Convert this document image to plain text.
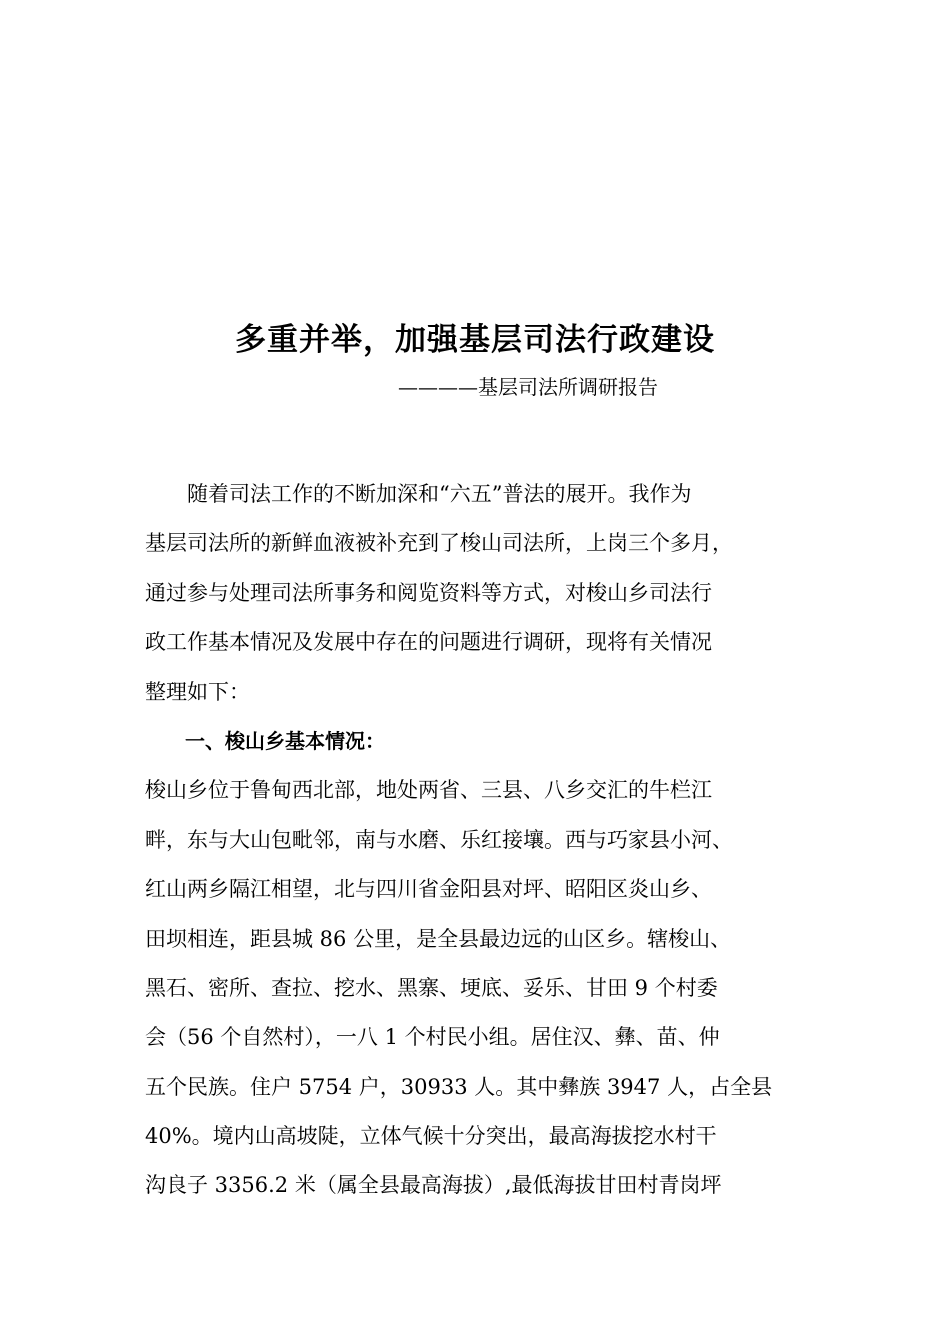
多重并举，加强基层司法行政建设
————基层司法所调研报告
　　随着司法工作的不断加深和“六五”普法的展开。我作为
基层司法所的新鲜血液被补充到了梭山司法所，上岗三个多月，
通过参与处理司法所事务和阅览资料等方式，对梭山乡司法行
政工作基本情况及发展中存在的问题进行调研，现将有关情况
整理如下：
　　一、梭山乡基本情况：
梭山乡位于鲁甸西北部，地处两省、三县、八乡交汇的牛栏江
畔，东与大山包毗邻，南与水磨、乐红接壤。西与巧家县小河、
红山两乡隔江相望，北与四川省金阳县对坪、昭阳区炎山乡、
田坝相连，距县城 86 公里，是全县最边远的山区乡。辖梭山、
黑石、密所、查拉、挖水、黑寨、埂底、妥乐、甘田 9 个村委
会（56 个自然村），一八 1 个村民小组。居住汉、彝、苗、仲
五个民族。住户 5754 户，30933 人。其中彝族 3947 人，占全县
40%。境内山高坡陡，立体气候十分突出，最高海拔挖水村干
沟良子 3356.2 米（属全县最高海拔）,最低海拔甘田村青岗坪
